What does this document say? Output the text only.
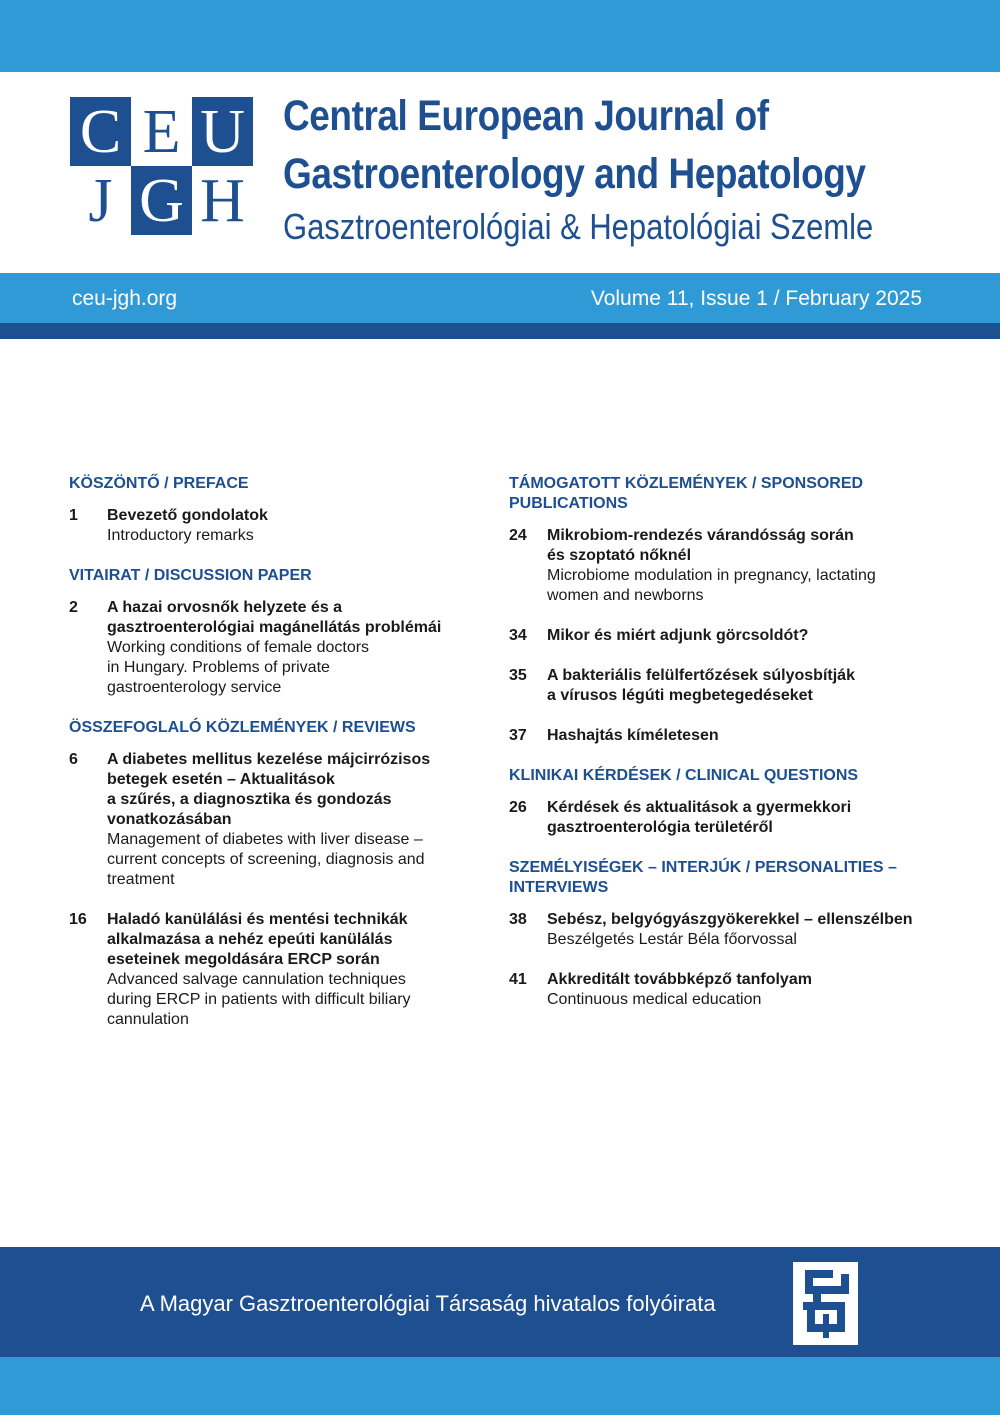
C E U
J G H
Central European Journal of
Gastroenterology and Hepatology
Gasztroenterológiai & Hepatológiai Szemle
ceu-jgh.org	Volume 11, Issue 1 / February 2025
KÖSZÖNTŐ / PREFACE
1	Bevezető gondolatok
Introductory remarks
VITAIRAT / DISCUSSION PAPER
2	A hazai orvosnők helyzete és a
gasztroenterológiai magánellátás problémái
Working conditions of female doctors
in Hungary. Problems of private
gastroenterology service
ÖSSZEFOGLALÓ KÖZLEMÉNYEK / REVIEWS
6	A diabetes mellitus kezelése májcirrózisos
betegek esetén – Aktualitások
a szűrés, a diagnosztika és gondozás
vonatkozásában
Management of diabetes with liver disease –
current concepts of screening, diagnosis and
treatment
16	Haladó kanülálási és mentési technikák
alkalmazása a nehéz epeúti kanülálás
eseteinek megoldására ERCP során
Advanced salvage cannulation techniques
during ERCP in patients with difficult biliary
cannulation
TÁMOGATOTT KÖZLEMÉNYEK / SPONSORED
PUBLICATIONS
24	Mikrobiom-rendezés várandósság során
és szoptató nőknél
Microbiome modulation in pregnancy, lactating
women and newborns
34	Mikor és miért adjunk görcsoldót?
35	A bakteriális felülfertőzések súlyosbítják
a vírusos légúti megbetegedéseket
37	Hashajtás kíméletesen
KLINIKAI KÉRDÉSEK / CLINICAL QUESTIONS
26	Kérdések és aktualitások a gyermekkori
gasztroenterológia területéről
SZEMÉLYISÉGEK – INTERJÚK / PERSONALITIES –
INTERVIEWS
38	Sebész, belgyógyászgyökerekkel – ellenszélben
Beszélgetés Lestár Béla főorvossal
41	Akkreditált továbbképző tanfolyam
Continuous medical education
A Magyar Gasztroenterológiai Társaság hivatalos folyóirata
